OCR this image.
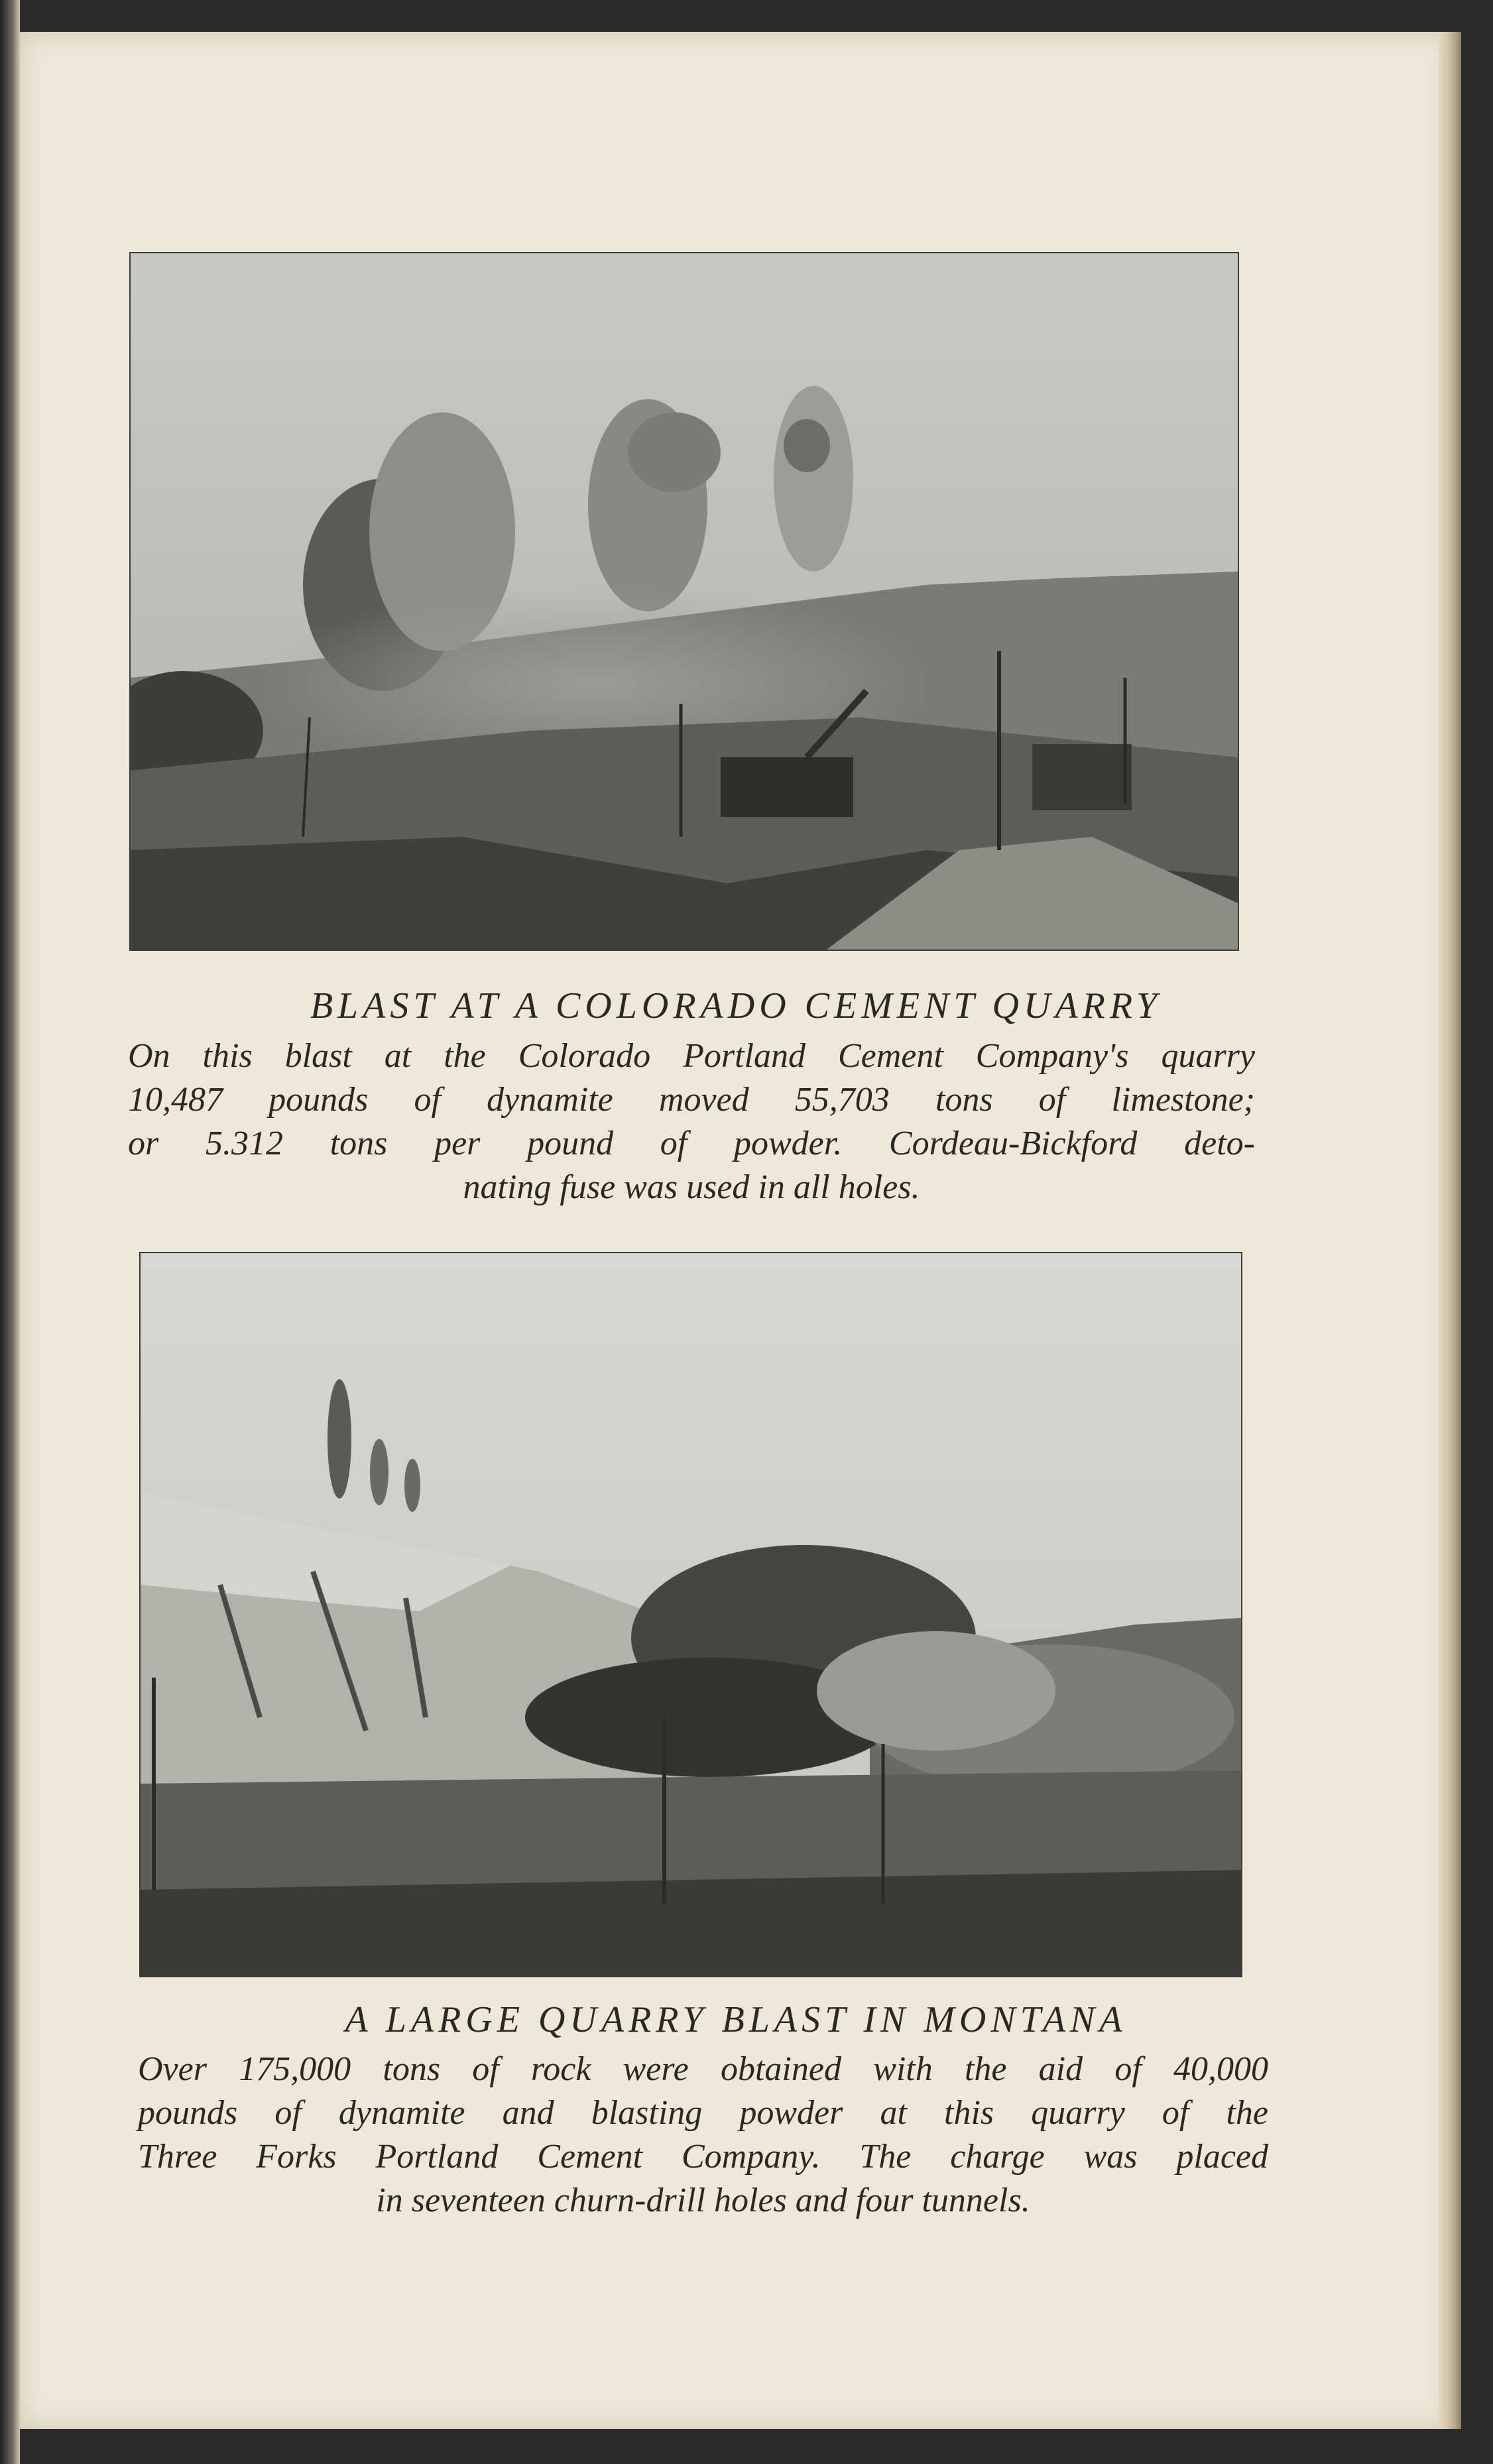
BLAST AT A COLORADO CEMENT QUARRY
On this blast at the Colorado Portland Cement Company's quarry
10,487 pounds of dynamite moved 55,703 tons of limestone;
or 5.312 tons per pound of powder. Cordeau-Bickford deto-
nating fuse was used in all holes.
A LARGE QUARRY BLAST IN MONTANA
Over 175,000 tons of rock were obtained with the aid of 40,000
pounds of dynamite and blasting powder at this quarry of the
Three Forks Portland Cement Company. The charge was placed
in seventeen churn-drill holes and four tunnels.
